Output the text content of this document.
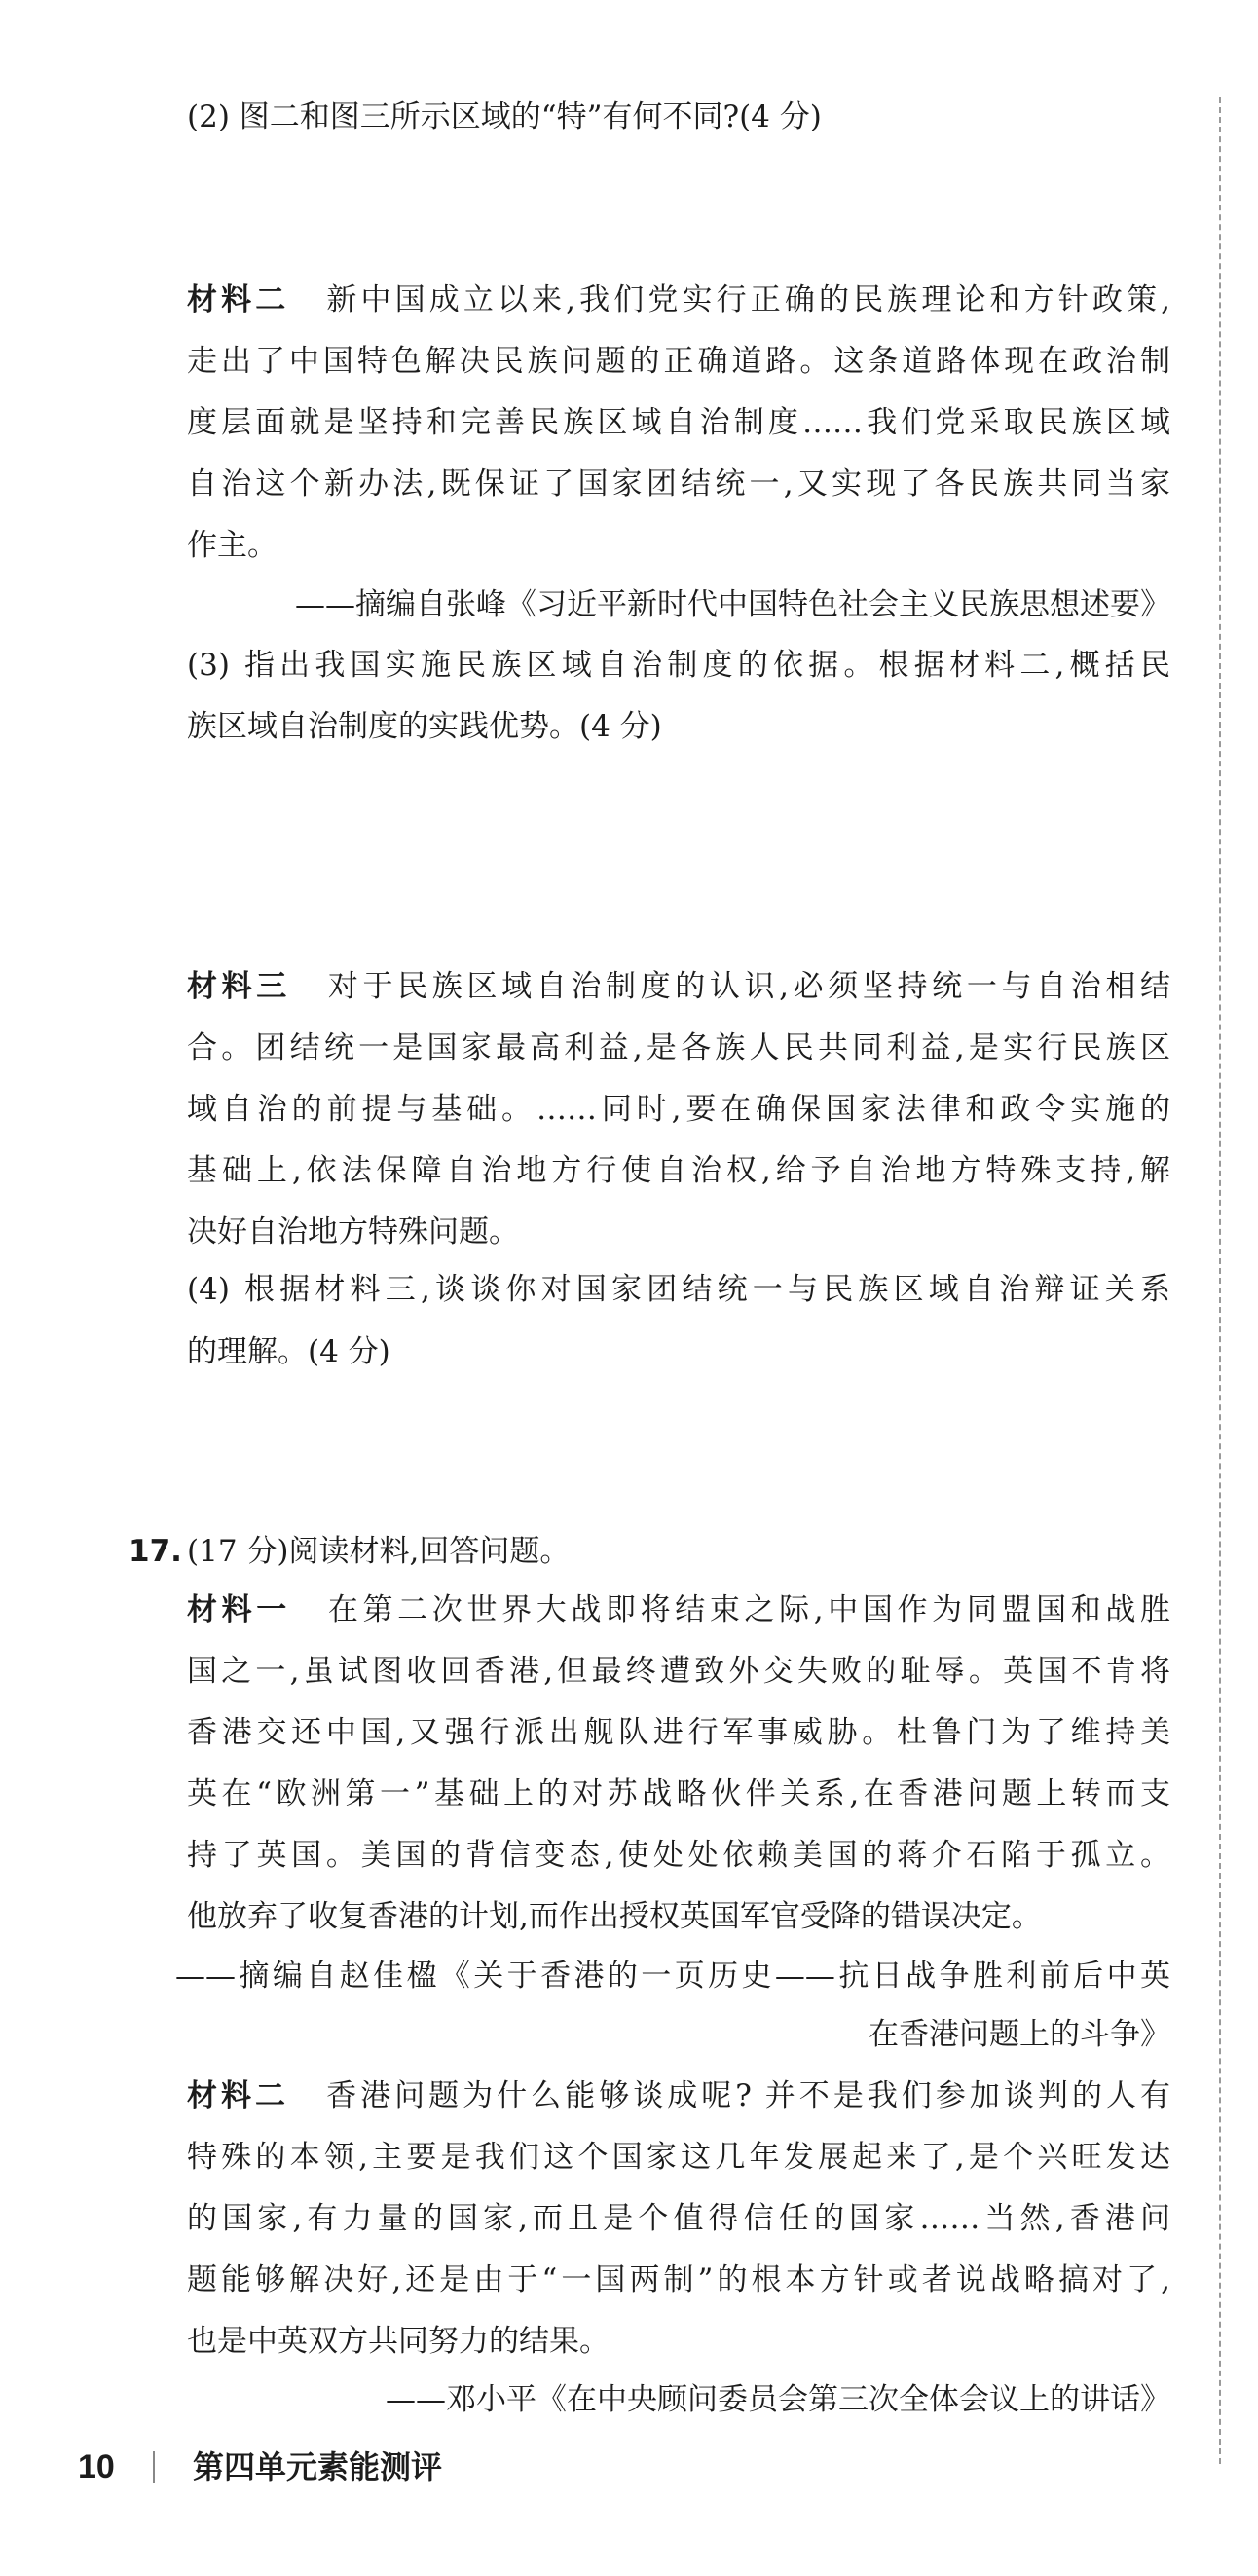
(2) 图二和图三所示区域的“特”有何不同?(4 分)
材料二 新中国成立以来,我们党实行正确的民族理论和方针政策,
走出了中国特色解决民族问题的正确道路。这条道路体现在政治制
度层面就是坚持和完善民族区域自治制度……我们党采取民族区域
自治这个新办法,既保证了国家团结统一,又实现了各民族共同当家
作主。
——摘编自张峰《习近平新时代中国特色社会主义民族思想述要》
(3) 指出我国实施民族区域自治制度的依据。根据材料二,概括民
族区域自治制度的实践优势。(4 分)
材料三 对于民族区域自治制度的认识,必须坚持统一与自治相结
合。团结统一是国家最高利益,是各族人民共同利益,是实行民族区
域自治的前提与基础。……同时,要在确保国家法律和政令实施的
基础上,依法保障自治地方行使自治权,给予自治地方特殊支持,解
决好自治地方特殊问题。
(4) 根据材料三,谈谈你对国家团结统一与民族区域自治辩证关系
的理解。(4 分)
17. (17 分)阅读材料,回答问题。
材料一 在第二次世界大战即将结束之际,中国作为同盟国和战胜
国之一,虽试图收回香港,但最终遭致外交失败的耻辱。英国不肯将
香港交还中国,又强行派出舰队进行军事威胁。杜鲁门为了维持美
英在“欧洲第一”基础上的对苏战略伙伴关系,在香港问题上转而支
持了英国。美国的背信变态,使处处依赖美国的蒋介石陷于孤立。
他放弃了收复香港的计划,而作出授权英国军官受降的错误决定。
——摘编自赵佳楹《关于香港的一页历史——抗日战争胜利前后中英
在香港问题上的斗争》
材料二 香港问题为什么能够谈成呢? 并不是我们参加谈判的人有
特殊的本领,主要是我们这个国家这几年发展起来了,是个兴旺发达
的国家,有力量的国家,而且是个值得信任的国家……当然,香港问
题能够解决好,还是由于“一国两制”的根本方针或者说战略搞对了,
也是中英双方共同努力的结果。
——邓小平《在中央顾问委员会第三次全体会议上的讲话》
10	第四单元素能测评
